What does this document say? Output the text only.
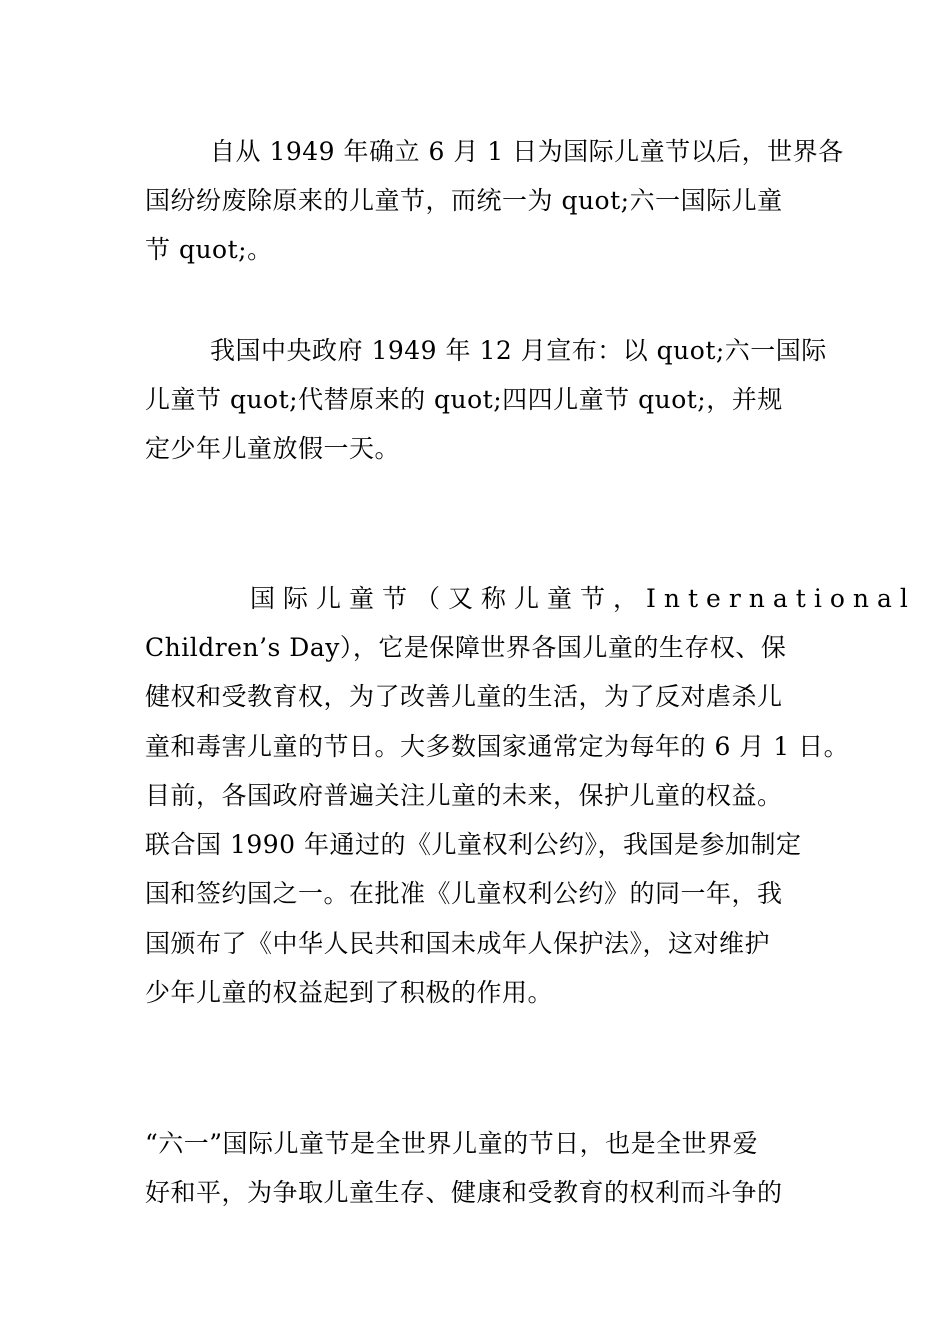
自从 1949 年确立 6 月 1 日为国际儿童节以后，世界各
国纷纷废除原来的儿童节，而统一为 quot;六一国际儿童
节 quot;。
我国中央政府 1949 年 12 月宣布：以 quot;六一国际
儿童节 quot;代替原来的 quot;四四儿童节 quot;，并规
定少年儿童放假一天。
国际儿童节（又称儿童节，International
Children’s Day），它是保障世界各国儿童的生存权、保
健权和受教育权，为了改善儿童的生活，为了反对虐杀儿
童和毒害儿童的节日。大多数国家通常定为每年的 6 月 1 日。
目前，各国政府普遍关注儿童的未来，保护儿童的权益。
联合国 1990 年通过的《儿童权利公约》，我国是参加制定
国和签约国之一。在批准《儿童权利公约》的同一年，我
国颁布了《中华人民共和国未成年人保护法》，这对维护
少年儿童的权益起到了积极的作用。
“六一”国际儿童节是全世界儿童的节日，也是全世界爱
好和平，为争取儿童生存、健康和受教育的权利而斗争的
